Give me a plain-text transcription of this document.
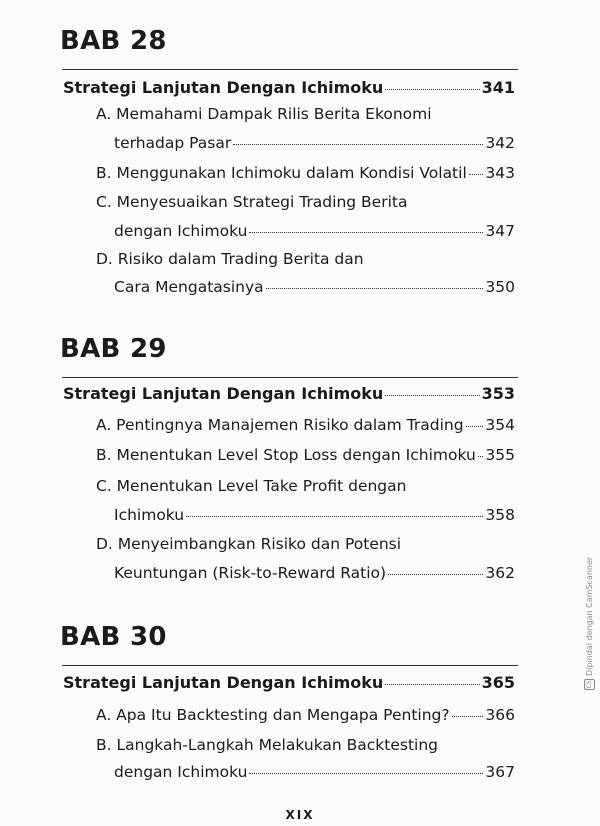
BAB 28
Strategi Lanjutan Dengan Ichimoku	341
A. Memahami Dampak Rilis Berita Ekonomi
terhadap Pasar	342
B. Menggunakan Ichimoku dalam Kondisi Volatil 343
C. Menyesuaikan Strategi Trading Berita
dengan Ichimoku	347
D. Risiko dalam Trading Berita dan
Cara Mengatasinya	350
BAB 29
Strategi Lanjutan Dengan Ichimoku	353
A. Pentingnya Manajemen Risiko dalam Trading 354
B. Menentukan Level Stop Loss dengan Ichimoku 355
C. Menentukan Level Take Profit dengan
Ichimoku	358
D. Menyeimbangkan Risiko dan Potensi
Keuntungan (Risk-to-Reward Ratio)	362
BAB 30
Strategi Lanjutan Dengan Ichimoku	365
A. Apa Itu Backtesting dan Mengapa Penting? 366
B. Langkah-Langkah Melakukan Backtesting
dengan Ichimoku	367
XIX
CSDipindai dengan CamScanner
